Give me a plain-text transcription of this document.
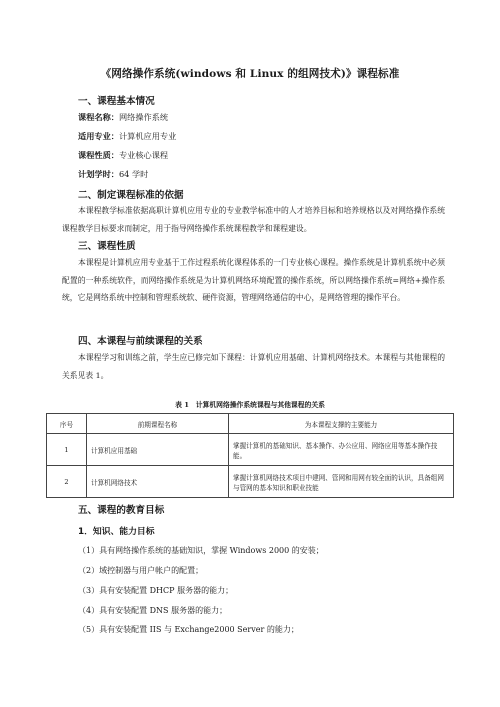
《网络操作系统(windows 和 Linux 的组网技术)》课程标准
一、课程基本情况
课程名称：网络操作系统
适用专业：计算机应用专业
课程性质：专业核心课程
计划学时：64 学时
二、制定课程标准的依据

本课程教学标准依据高职计算机应用专业的专业教学标准中的人才培养目标和培养规格以及对网络操作系统课程教学目标要求而制定，用于指导网络操作系统课程教学和课程建设。

三、课程性质

本课程是计算机应用专业基于工作过程系统化课程体系的一门专业核心课程。操作系统是计算机系统中必须配置的一种系统软件，而网络操作系统是为计算机网络环境配置的操作系统，所以网络操作系统=网络+操作系统，它是网络系统中控制和管理系统软、硬件资源，管理网络通信的中心，是网络管理的操作平台。

四、本课程与前续课程的关系

本课程学习和训练之前，学生应已修完如下课程：计算机应用基础、计算机网络技术。本课程与其他课程的关系见表 1。

表 1　计算机网络操作系统课程与其他课程的关系
序号	前期课程名称	为本课程支撑的主要能力
1	计算机应用基础	掌握计算机的基础知识、基本操作、办公应用、网络应用等基本操作技能。
2	计算机网络技术	掌握计算机网络技术项目中建网、管网和用网有较全面的认识，具备组网与管网的基本知识和职业技能
五、课程的教育目标
1．知识、能力目标
（1）具有网络操作系统的基础知识，掌握 Windows 2000 的安装；
（2）域控制器与用户帐户的配置；
（3）具有安装配置 DHCP 服务器的能力；
（4）具有安装配置 DNS 服务器的能力；
（5）具有安装配置 IIS 与 Exchange2000 Server 的能力；
